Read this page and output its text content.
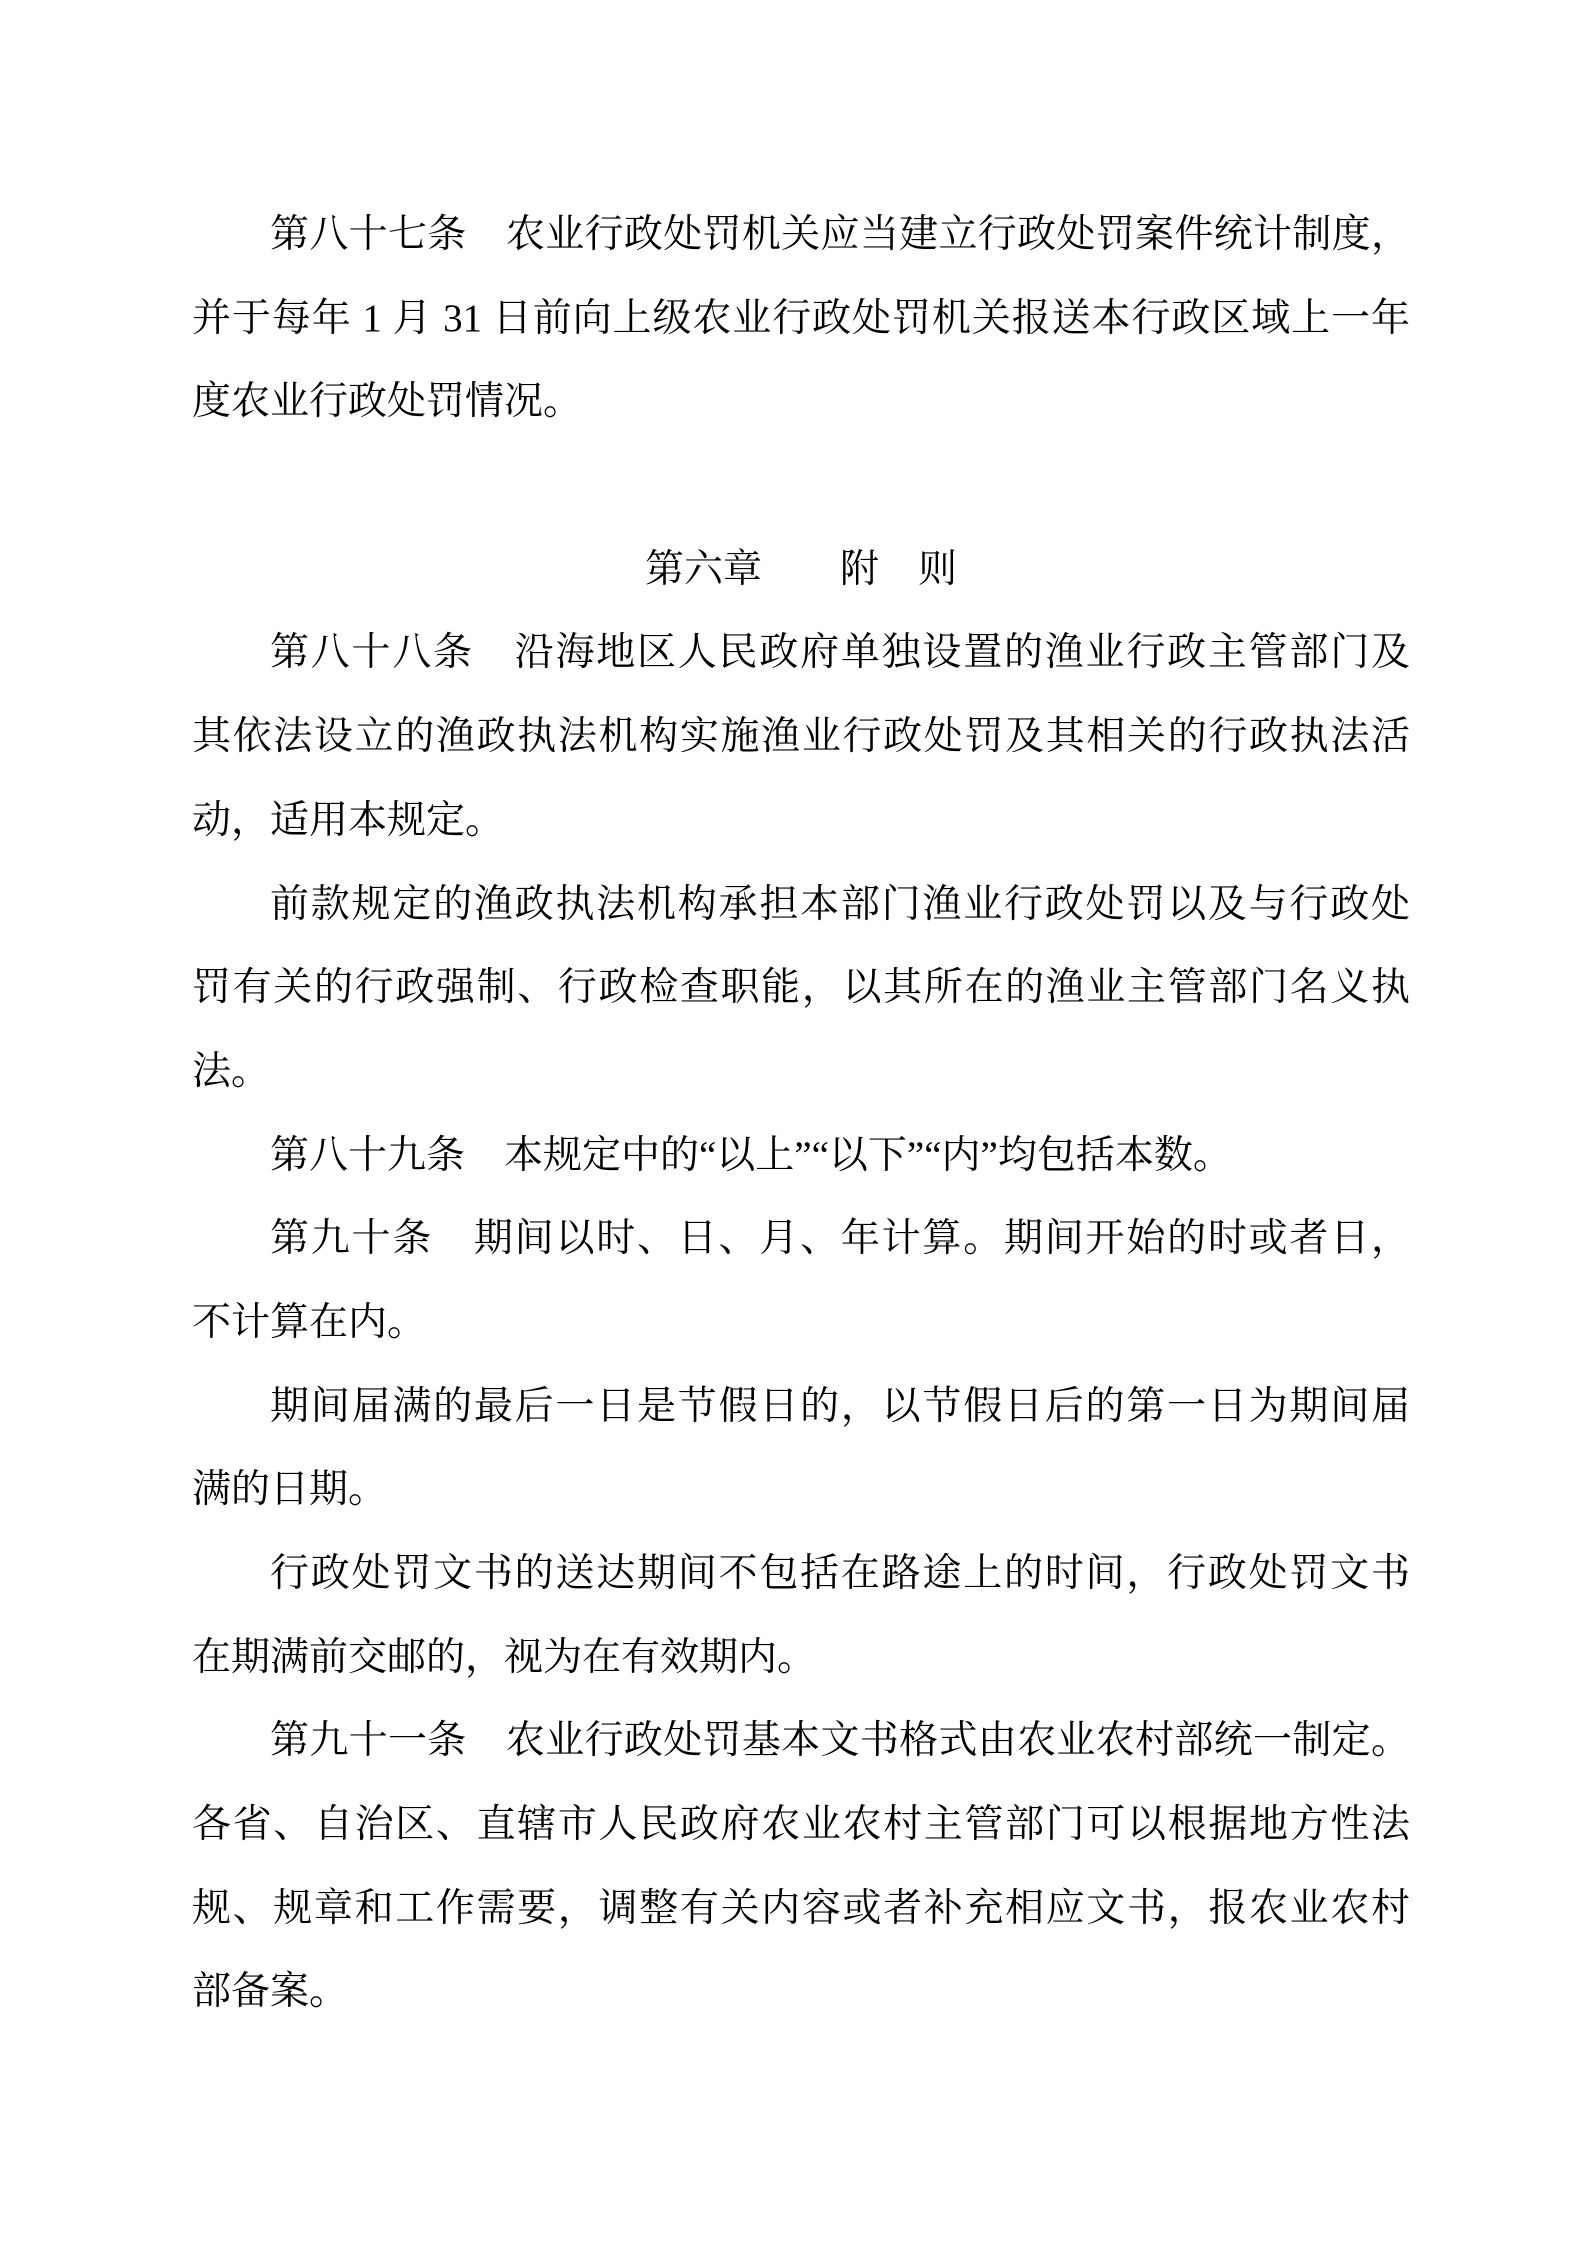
第八十七条　农业行政处罚机关应当建立行政处罚案件统计制度，
并于每年 1 月 31 日前向上级农业行政处罚机关报送本行政区域上一年
度农业行政处罚情况。
第六章　　附　则
第八十八条　沿海地区人民政府单独设置的渔业行政主管部门及
其依法设立的渔政执法机构实施渔业行政处罚及其相关的行政执法活
动，适用本规定。
前款规定的渔政执法机构承担本部门渔业行政处罚以及与行政处
罚有关的行政强制、行政检查职能，以其所在的渔业主管部门名义执
法。
第八十九条　本规定中的“以上”“以下”“内”均包括本数。
第九十条　期间以时、日、月、年计算。期间开始的时或者日，
不计算在内。
期间届满的最后一日是节假日的，以节假日后的第一日为期间届
满的日期。
行政处罚文书的送达期间不包括在路途上的时间，行政处罚文书
在期满前交邮的，视为在有效期内。
第九十一条　农业行政处罚基本文书格式由农业农村部统一制定。
各省、自治区、直辖市人民政府农业农村主管部门可以根据地方性法
规、规章和工作需要，调整有关内容或者补充相应文书，报农业农村
部备案。
